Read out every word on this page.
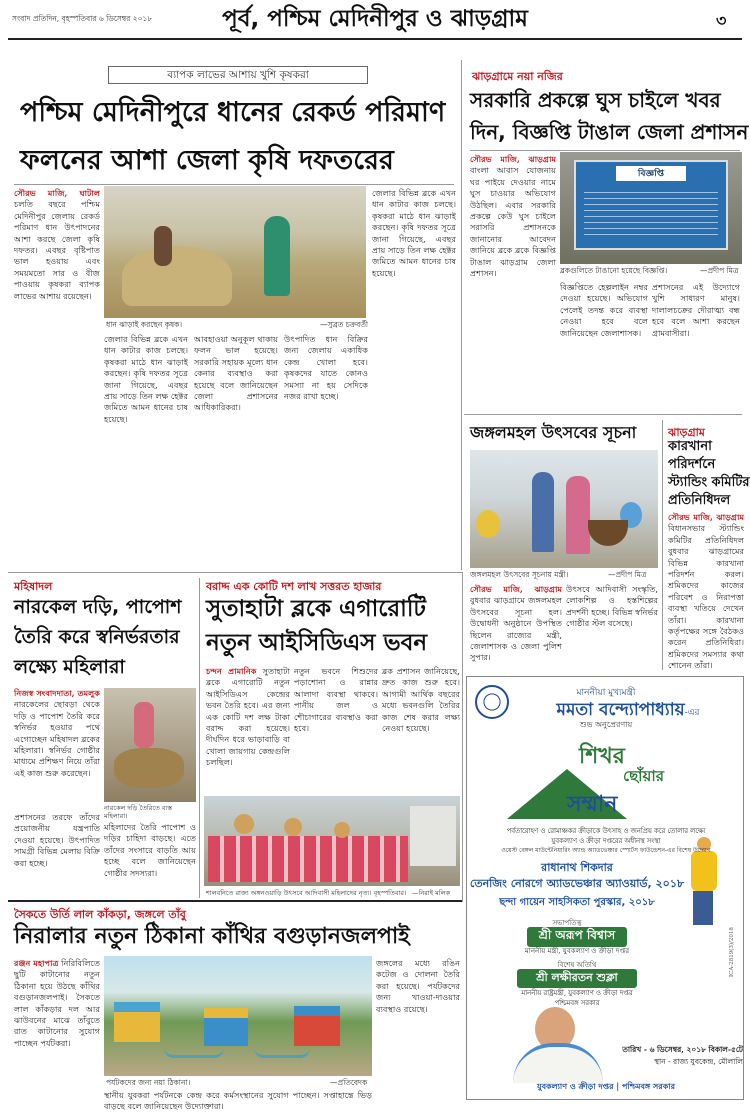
সংবাদ প্রতিদিন, বৃহস্পতিবার ৬ ডিসেম্বর ২০১৮	পূর্ব, পশ্চিম মেদিনীপুর ও ঝাড়গ্রাম	৩
ব্যাপক লাভের আশায় খুশি কৃষকরা
পশ্চিম মেদিনীপুরে ধানের রেকর্ড পরিমাণ
ফলনের আশা জেলা কৃষি দফতরের
সৌরভ মাজি, ঘাটাল চলতি বছরে পশ্চিম মেদিনীপুর জেলায় রেকর্ড পরিমাণ ধান উৎপাদনের আশা করছে জেলা কৃষি দফতর। এবছর বৃষ্টিপাত ভাল হওয়ায় এবং সময়মতো সার ও বীজ পাওয়ায় কৃষকরা ব্যাপক লাভের আশায় রয়েছেন।
ধান ঝাড়াই করছেন কৃষক।	—সুব্রত চক্রবর্তী
জেলার বিভিন্ন ব্লকে এখন ধান কাটার কাজ চলছে। কৃষকরা মাঠে ধান ঝাড়াই করছেন। কৃষি দফতর সূত্রে জানা গিয়েছে, এবছর প্রায় সাড়ে তিন লক্ষ হেক্টর জমিতে আমন ধানের চাষ হয়েছে।
আবহাওয়া অনুকূল থাকায় ফলন ভাল হয়েছে। সরকারি সহায়ক মূল্যে ধান কেনার ব্যবস্থাও করা হয়েছে বলে জানিয়েছেন জেলা প্রশাসনের আধিকারিকরা।
উৎপাদিত ধান বিক্রির জন্য জেলায় একাধিক কেন্দ্র খোলা হবে। কৃষকদের যাতে কোনও সমস্যা না হয় সেদিকে নজর রাখা হচ্ছে।
জেলার বিভিন্ন ব্লকে এখন ধান কাটার কাজ চলছে। কৃষকরা মাঠে ধান ঝাড়াই করছেন। কৃষি দফতর সূত্রে জানা গিয়েছে, এবছর প্রায় সাড়ে তিন লক্ষ হেক্টর জমিতে আমন ধানের চাষ হয়েছে।
ঝাড়গ্রামে নয়া নজির
সরকারি প্রকল্পে ঘুস চাইলে খবর
দিন, বিজ্ঞপ্তি টাঙাল জেলা প্রশাসন
সৌরভ মাজি, ঝাড়গ্রাম বাংলা আবাস যোজনায় ঘর পাইয়ে দেওয়ার নামে ঘুস চাওয়ার অভিযোগ উঠছিল। এবার সরকারি প্রকল্পে কেউ ঘুস চাইলে সরাসরি প্রশাসনকে জানানোর আবেদন জানিয়ে ব্লকে ব্লকে বিজ্ঞপ্তি টাঙাল ঝাড়গ্রাম জেলা প্রশাসন।
বিজ্ঞপ্তি
ব্লকগুলিতে টাঙানো হয়েছে বিজ্ঞপ্তি।	—প্রদীপ মিত্র
বিজ্ঞপ্তিতে হেল্পলাইন নম্বর দেওয়া হয়েছে। অভিযোগ পেলেই তদন্ত করে ব্যবস্থা নেওয়া হবে বলে জানিয়েছেন জেলাশাসক।
প্রশাসনের এই উদ্যোগে খুশি সাধারণ মানুষ। দালালচক্রের দৌরাত্ম্য বন্ধ হবে বলে আশা করছেন গ্রামবাসীরা।
জঙ্গলমহল উৎসবের সূচনা
জঙ্গলমহল উৎসবের সূচনায় মন্ত্রী।	—প্রদীপ মিত্র
সৌরভ মাজি, ঝাড়গ্রাম বুধবার ঝাড়গ্রামে জঙ্গলমহল উৎসবের সূচনা হল। উদ্বোধনী অনুষ্ঠানে উপস্থিত ছিলেন রাজ্যের মন্ত্রী, জেলাশাসক ও জেলা পুলিশ সুপার।
উৎসবে আদিবাসী সংস্কৃতি, লোকশিল্প ও হস্তশিল্পের প্রদর্শনী হচ্ছে। বিভিন্ন স্বনির্ভর গোষ্ঠীর স্টল বসেছে।
ঝাড়গ্রাম
কারখানা
পরিদর্শনে
স্ট্যান্ডিং কমিটির
প্রতিনিধিদল
সৌরভ মাজি, ঝাড়গ্রাম বিধানসভার স্ট্যান্ডিং কমিটির প্রতিনিধিদল বুধবার ঝাড়গ্রামের বিভিন্ন কারখানা পরিদর্শন করল। শ্রমিকদের কাজের পরিবেশ ও নিরাপত্তা ব্যবস্থা খতিয়ে দেখেন তাঁরা।	কারখানা কর্তৃপক্ষের সঙ্গে বৈঠকও করেন প্রতিনিধিরা। শ্রমিকদের সমস্যার কথা শোনেন তাঁরা।
মহিষাদল
নারকেল দড়ি, পাপোশ
তৈরি করে স্বনির্ভরতার
লক্ষ্যে মহিলারা
নিজস্ব সংবাদদাতা, তমলুক নারকেলের ছোবড়া থেকে দড়ি ও পাপোশ তৈরি করে স্বনির্ভর হওয়ার পথে এগোচ্ছেন মহিষাদল ব্লকের মহিলারা। স্বনির্ভর গোষ্ঠীর মাধ্যমে প্রশিক্ষণ নিয়ে তাঁরা এই কাজ শুরু করেছেন।
নারকেল দড়ি তৈরিতে ব্যস্ত মহিলারা।
প্রশাসনের তরফে তাঁদের প্রয়োজনীয় যন্ত্রপাতি দেওয়া হয়েছে। উৎপাদিত সামগ্রী বিভিন্ন মেলায় বিক্রি করা হচ্ছে।
মহিলাদের তৈরি পাপোশ ও দড়ির চাহিদা বাড়ছে। এতে তাঁদের সংসারে বাড়তি আয় হচ্ছে বলে জানিয়েছেন গোষ্ঠীর সদস্যরা।
বরাদ্দ এক কোটি দশ লাখ সত্তরত হাজার
সুতাহাটা ব্লকে এগারোটি
নতুন আইসিডিএস ভবন
চন্দন প্রামানিক সুতাহাটা ব্লকে এগারোটি নতুন আইসিডিএস কেন্দ্রের ভবন তৈরি হবে। এর জন্য এক কোটি দশ লক্ষ টাকা বরাদ্দ করা হয়েছে। দীর্ঘদিন ধরে ভাড়াবাড়ি বা খোলা জায়গায় কেন্দ্রগুলি চলছিল।
নতুন ভবনে শিশুদের পড়াশোনা ও রান্নার আলাদা ব্যবস্থা থাকবে। পানীয় জল ও শৌচাগারের ব্যবস্থাও করা হবে।
ব্লক প্রশাসন জানিয়েছে, দ্রুত কাজ শুরু হবে। আগামী আর্থিক বছরের মধ্যে ভবনগুলি তৈরির কাজ শেষ করার লক্ষ্য নেওয়া হয়েছে।
শালবনিতে রাজ্য অঙ্গনওয়াড়ি উৎসবে আদিবাসী মহিলাদের নৃত্য। বৃহস্পতিবার। —নিরাই মলিক
সৈকতে উর্তি লাল কাঁকড়া, জঙ্গলে তাঁবু
নিরালার নতুন ঠিকানা কাঁথির বগুড়ানজলপাই
রঞ্জন মহাপাত্র নিরিবিলিতে ছুটি কাটানোর নতুন ঠিকানা হয়ে উঠছে কাঁথির বগুড়ানজলপাই। সৈকতে লাল কাঁকড়ার দল আর ঝাউবনের মাঝে তাঁবুতে রাত কাটানোর সুযোগ পাচ্ছেন পর্যটকরা।
পর্যটকদের জন্য নয়া ঠিকানা।	—প্রতিবেদক
জঙ্গলের মধ্যে রঙিন কটেজ ও দোলনা তৈরি করা হয়েছে। পর্যটকদের জন্য খাওয়া-দাওয়ার ব্যবস্থাও রয়েছে।
স্থানীয় যুবকরা পর্যটনকে কেন্দ্র করে কর্মসংস্থানের সুযোগ পাচ্ছেন। সপ্তাহান্তে ভিড় বাড়ছে বলে জানিয়েছেন উদ্যোক্তারা।
মাননীয়া মুখ্যমন্ত্রী
মমতা বন্দ্যোপাধ্যায়-এর
শুভ অনুপ্রেরণায়
শিখর
ছোঁয়ার
সম্মান
পর্বতারোহণ ও রোমাঞ্চকর ক্রীড়াকে উৎসাহ ও জনপ্রিয় করে তোলার লক্ষ্যে
যুবকল্যাণ ও ক্রীড়া দপ্তরের অধীনস্থ সংস্থা
ওয়েস্ট বেঙ্গল মাউন্টেনিয়ারিং অ্যান্ড অ্যাডভেঞ্চার স্পোর্টস ফাউন্ডেশন-এর বিশেষ উদ্যোগ
রাধানাথ শিকদার
তেনজিং নোরগে অ্যাডভেঞ্চার অ্যাওয়ার্ড, ২০১৮
ছন্দা গায়েন সাহসিকতা পুরস্কার, ২০১৮
সভাপতিত্ব
শ্রী অরূপ বিশ্বাস
মাননীয় মন্ত্রী, যুবকল্যাণ ও ক্রীড়া দপ্তর
বিশেষ অতিথি
শ্রী লক্ষীরতন শুক্লা
মাননীয় রাষ্ট্রমন্ত্রী, যুবকল্যাণ ও ক্রীড়া দপ্তর
পশ্চিমবঙ্গ সরকার
তারিখ - ৬ ডিসেম্বর, ২০১৮ বিকাল-৫টে
স্থান - রাজ্য যুবকেন্দ্র, মৌলালি
যুবকল্যাণ ও ক্রীড়া দপ্তর | পশ্চিমবঙ্গ সরকার
ICA-2819(3)/2018
